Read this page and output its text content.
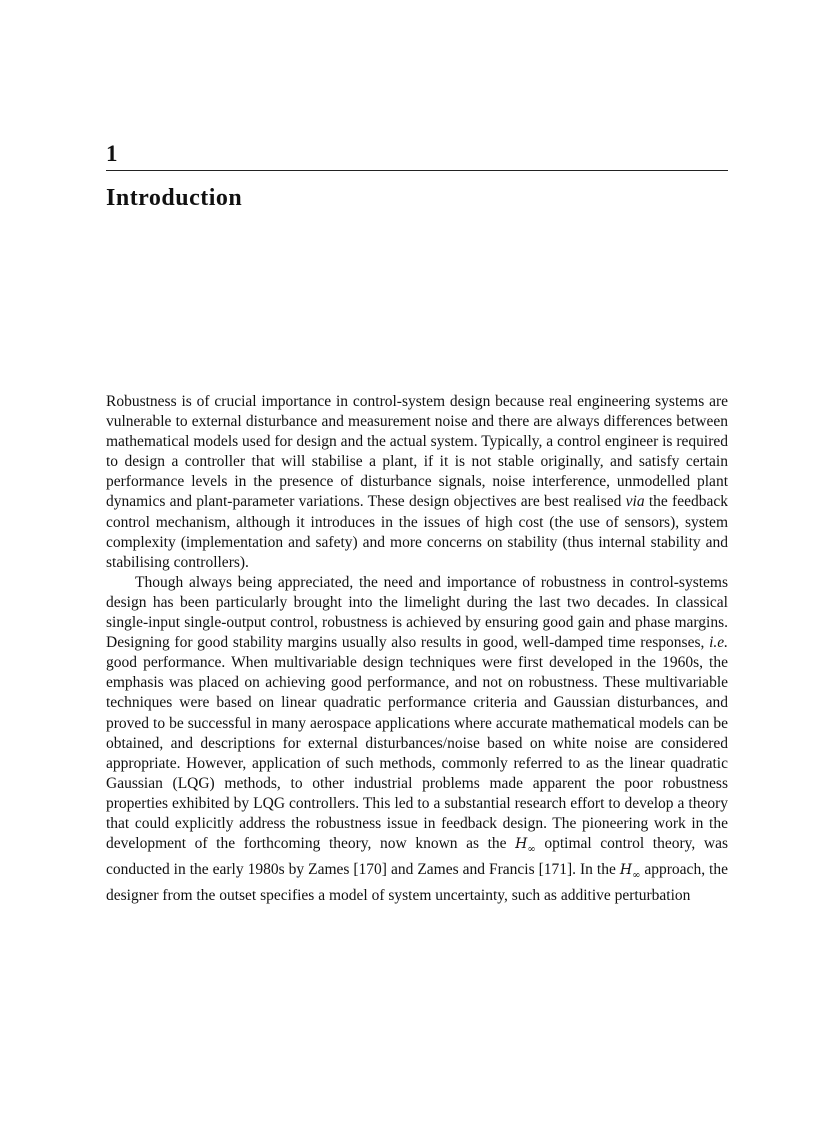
1
Introduction

Robustness is of crucial importance in control-system design because real engineering systems are vulnerable to external disturbance and measurement noise and there are always differences between mathematical models used for design and the actual system. Typically, a control engineer is required to design a controller that will stabilise a plant, if it is not stable originally, and satisfy certain performance levels in the presence of disturbance signals, noise interference, unmodelled plant dynamics and plant-parameter variations. These design objectives are best realised via the feedback control mechanism, although it introduces in the issues of high cost (the use of sensors), system complexity (implementation and safety) and more concerns on stability (thus internal stability and stabilising controllers).

Though always being appreciated, the need and importance of robustness in control-systems design has been particularly brought into the limelight during the last two decades. In classical single-input single-output control, robustness is achieved by ensuring good gain and phase margins. Designing for good stability margins usually also results in good, well-damped time responses, i.e. good performance. When multivariable design techniques were first developed in the 1960s, the emphasis was placed on achieving good performance, and not on robustness. These multivariable techniques were based on linear quadratic performance criteria and Gaussian disturbances, and proved to be successful in many aerospace applications where accurate mathematical models can be obtained, and descriptions for external disturbances/noise based on white noise are considered appropriate. However, application of such methods, commonly referred to as the linear quadratic Gaussian (LQG) methods, to other industrial problems made apparent the poor robustness properties exhibited by LQG controllers. This led to a substantial research effort to develop a theory that could explicitly address the robustness issue in feedback design. The pioneering work in the development of the forthcoming theory, now known as the $H_\infty$ optimal control theory, was conducted in the early 1980s by Zames [170] and Zames and Francis [171]. In the $H_\infty$ approach, the designer from the outset specifies a model of system uncertainty, such as additive perturbation
